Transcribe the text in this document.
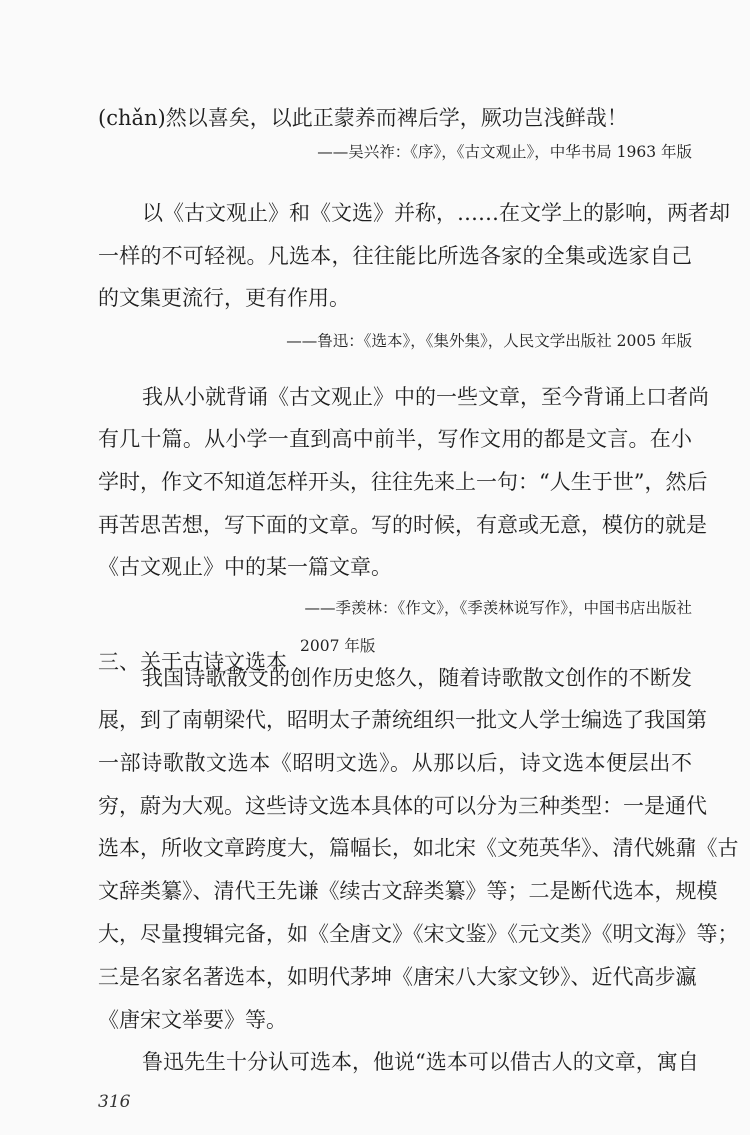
(chǎn)然以喜矣，以此正蒙养而裨后学，厥功岂浅鲜哉！
——吴兴祚：《序》，《古文观止》，中华书局 1963 年版
以《古文观止》和《文选》并称，……在文学上的影响，两者却
一样的不可轻视。凡选本，往往能比所选各家的全集或选家自己
的文集更流行，更有作用。
——鲁迅：《选本》，《集外集》，人民文学出版社 2005 年版
我从小就背诵《古文观止》中的一些文章，至今背诵上口者尚
有几十篇。从小学一直到高中前半，写作文用的都是文言。在小
学时，作文不知道怎样开头，往往先来上一句：“人生于世”，然后
再苦思苦想，写下面的文章。写的时候，有意或无意，模仿的就是
《古文观止》中的某一篇文章。
——季羡林：《作文》，《季羡林说写作》，中国书店出版社
2007 年版
三、关于古诗文选本
我国诗歌散文的创作历史悠久，随着诗歌散文创作的不断发
展，到了南朝梁代，昭明太子萧统组织一批文人学士编选了我国第
一部诗歌散文选本《昭明文选》。从那以后，诗文选本便层出不
穷，蔚为大观。这些诗文选本具体的可以分为三种类型：一是通代
选本，所收文章跨度大，篇幅长，如北宋《文苑英华》、清代姚鼐《古
文辞类纂》、清代王先谦《续古文辞类纂》等；二是断代选本，规模
大，尽量搜辑完备，如《全唐文》《宋文鉴》《元文类》《明文海》等；
三是名家名著选本，如明代茅坤《唐宋八大家文钞》、近代高步瀛
《唐宋文举要》等。
鲁迅先生十分认可选本，他说“选本可以借古人的文章，寓自
316
